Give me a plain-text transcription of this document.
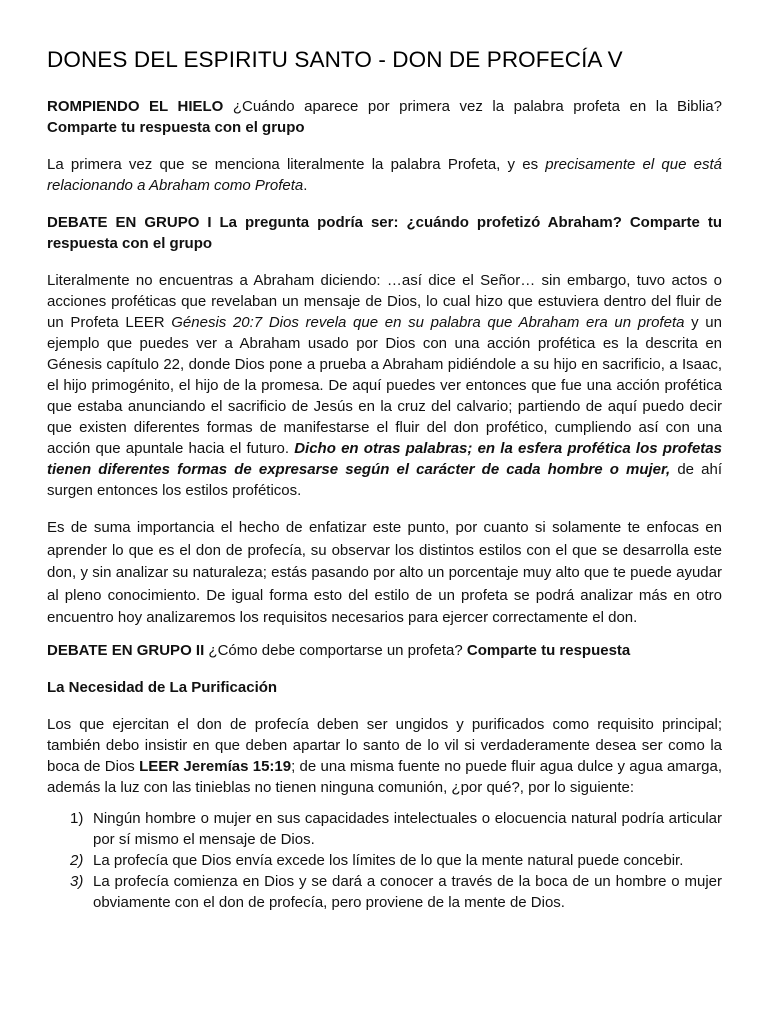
DONES DEL ESPIRITU SANTO - DON DE PROFECÍA V

ROMPIENDO EL HIELO ¿Cuándo aparece por primera vez la palabra profeta en la Biblia? Comparte tu respuesta con el grupo

La primera vez que se menciona literalmente la palabra Profeta, y es precisamente el que está relacionando a Abraham como Profeta.

DEBATE EN GRUPO I La pregunta podría ser: ¿cuándo profetizó Abraham? Comparte tu respuesta con el grupo

Literalmente no encuentras a Abraham diciendo: …así dice el Señor… sin embargo, tuvo actos o acciones proféticas que revelaban un mensaje de Dios, lo cual hizo que estuviera dentro del fluir de un Profeta LEER Génesis 20:7 Dios revela que en su palabra que Abraham era un profeta y un ejemplo que puedes ver a Abraham usado por Dios con una acción profética es la descrita en Génesis capítulo 22, donde Dios pone a prueba a Abraham pidiéndole a su hijo en sacrificio, a Isaac, el hijo primogénito, el hijo de la promesa. De aquí puedes ver entonces que fue una acción profética que estaba anunciando el sacrificio de Jesús en la cruz del calvario; partiendo de aquí puedo decir que existen diferentes formas de manifestarse el fluir del don profético, cumpliendo así con una acción que apuntale hacia el futuro. Dicho en otras palabras; en la esfera profética los profetas tienen diferentes formas de expresarse según el carácter de cada hombre o mujer, de ahí surgen entonces los estilos proféticos.

Es de suma importancia el hecho de enfatizar este punto, por cuanto si solamente te enfocas en aprender lo que es el don de profecía, su observar los distintos estilos con el que se desarrolla este don, y sin analizar su naturaleza; estás pasando por alto un porcentaje muy alto que te puede ayudar al pleno conocimiento. De igual forma esto del estilo de un profeta se podrá analizar más en otro encuentro hoy analizaremos los requisitos necesarios para ejercer correctamente el don.

DEBATE EN GRUPO II ¿Cómo debe comportarse un profeta? Comparte tu respuesta

La Necesidad de La Purificación

Los que ejercitan el don de profecía deben ser ungidos y purificados como requisito principal; también debo insistir en que deben apartar lo santo de lo vil si verdaderamente desea ser como la boca de Dios LEER Jeremías 15:19; de una misma fuente no puede fluir agua dulce y agua amarga, además la luz con las tinieblas no tienen ninguna comunión, ¿por qué?, por lo siguiente:

1) Ningún hombre o mujer en sus capacidades intelectuales o elocuencia natural podría articular por sí mismo el mensaje de Dios.
2) La profecía que Dios envía excede los límites de lo que la mente natural puede concebir.
3) La profecía comienza en Dios y se dará a conocer a través de la boca de un hombre o mujer obviamente con el don de profecía, pero proviene de la mente de Dios.
